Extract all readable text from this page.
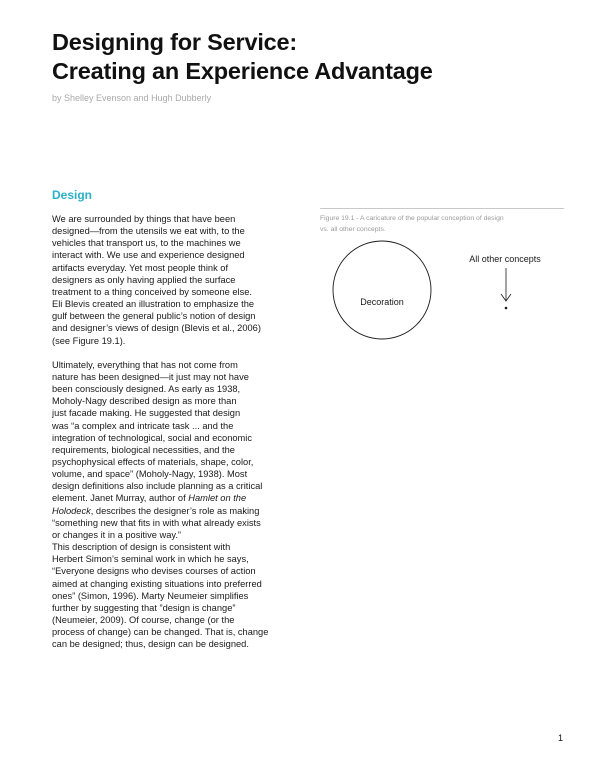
Designing for Service:
Creating an Experience Advantage
by Shelley Evenson and Hugh Dubberly
Design
We are surrounded by things that have been
designed—from the utensils we eat with, to the
vehicles that transport us, to the machines we
interact with. We use and experience designed
artifacts everyday. Yet most people think of
designers as only having applied the surface
treatment to a thing conceived by someone else.
Eli Blevis created an illustration to emphasize the
gulf between the general public’s notion of design
and designer’s views of design (Blevis et al., 2006)
(see Figure 19.1).
Ultimately, everything that has not come from
nature has been designed—it just may not have
been consciously designed. As early as 1938,
Moholy-Nagy described design as more than
just facade making. He suggested that design
was “a complex and intricate task ... and the
integration of technological, social and economic
requirements, biological necessities, and the
psychophysical effects of materials, shape, color,
volume, and space” (Moholy-Nagy, 1938). Most
design definitions also include planning as a critical
element. Janet Murray, author of Hamlet on the
Holodeck, describes the designer’s role as making
“something new that fits in with what already exists
or changes it in a positive way.”
This description of design is consistent with
Herbert Simon’s seminal work in which he says,
“Everyone designs who devises courses of action
aimed at changing existing situations into preferred
ones” (Simon, 1996). Marty Neumeier simplifies
further by suggesting that ”design is change”
(Neumeier, 2009). Of course, change (or the
process of change) can be changed. That is, change
can be designed; thus, design can be designed.
Figure 19.1 - A caricature of the popular conception of design
vs. all other concepts.
Decoration
All other concepts
1
